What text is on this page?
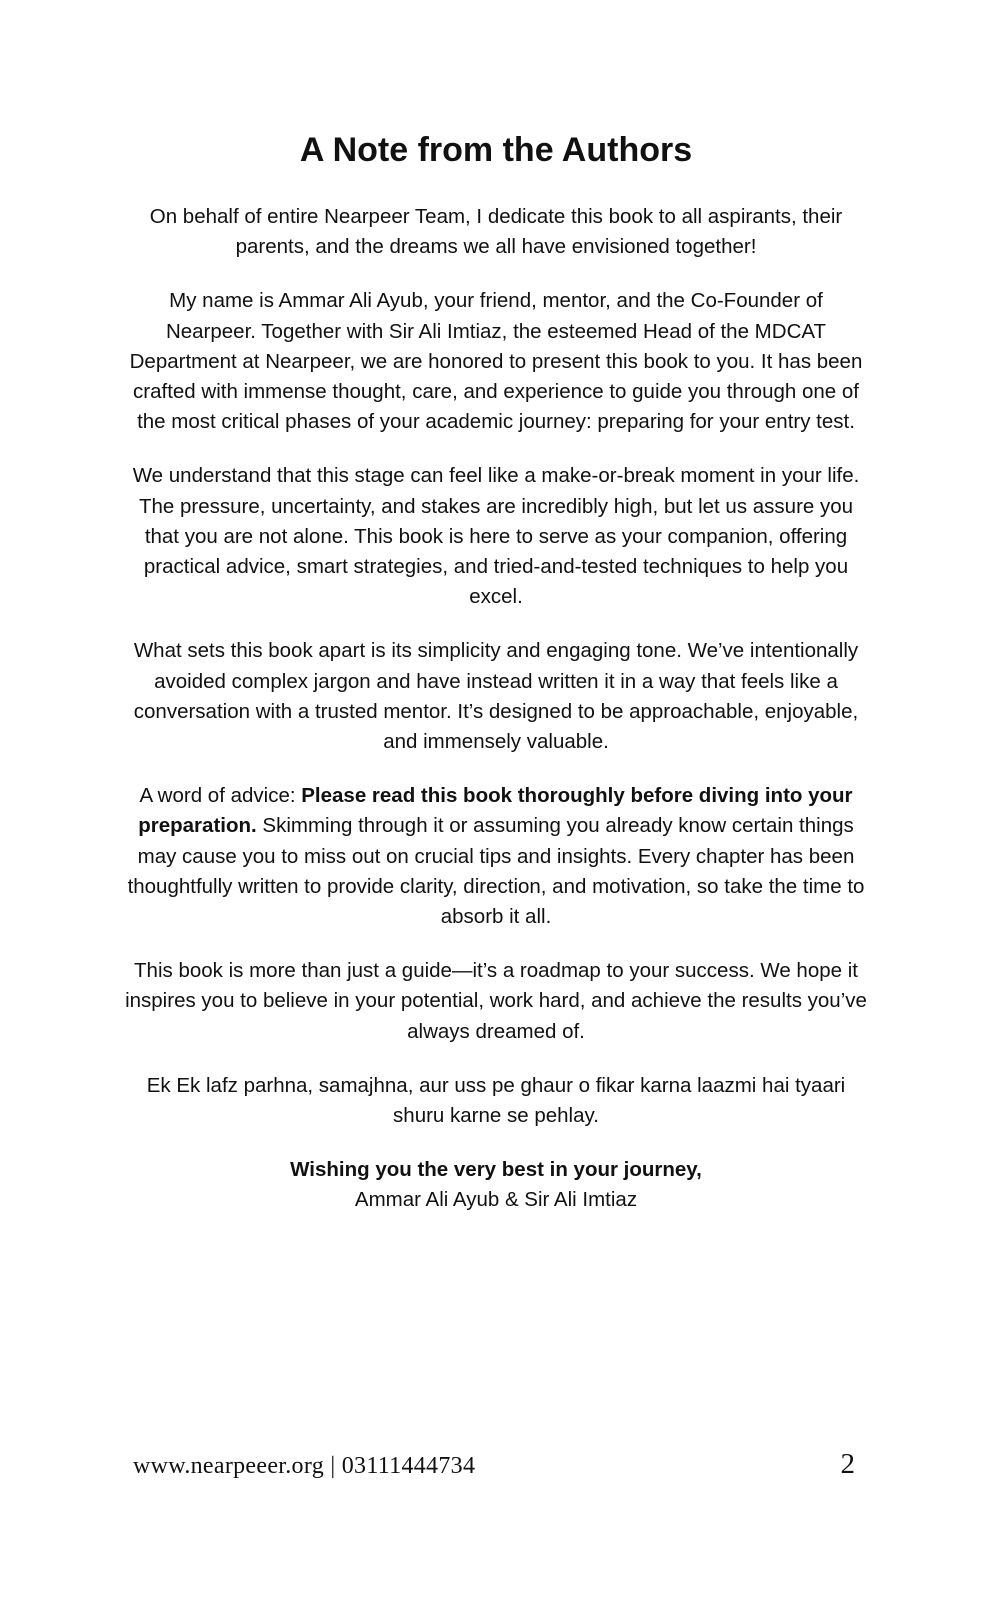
A Note from the Authors

On behalf of entire Nearpeer Team, I dedicate this book to all aspirants, their parents, and the dreams we all have envisioned together!

My name is Ammar Ali Ayub, your friend, mentor, and the Co-Founder of Nearpeer. Together with Sir Ali Imtiaz, the esteemed Head of the MDCAT Department at Nearpeer, we are honored to present this book to you. It has been crafted with immense thought, care, and experience to guide you through one of the most critical phases of your academic journey: preparing for your entry test.

We understand that this stage can feel like a make-or-break moment in your life. The pressure, uncertainty, and stakes are incredibly high, but let us assure you that you are not alone. This book is here to serve as your companion, offering practical advice, smart strategies, and tried-and-tested techniques to help you excel.

What sets this book apart is its simplicity and engaging tone. We’ve intentionally avoided complex jargon and have instead written it in a way that feels like a conversation with a trusted mentor. It’s designed to be approachable, enjoyable, and immensely valuable.

A word of advice: Please read this book thoroughly before diving into your preparation. Skimming through it or assuming you already know certain things may cause you to miss out on crucial tips and insights. Every chapter has been thoughtfully written to provide clarity, direction, and motivation, so take the time to absorb it all.

This book is more than just a guide—it’s a roadmap to your success. We hope it inspires you to believe in your potential, work hard, and achieve the results you’ve always dreamed of.

Ek Ek lafz parhna, samajhna, aur uss pe ghaur o fikar karna laazmi hai tyaari shuru karne se pehlay.

Wishing you the very best in your journey,
Ammar Ali Ayub & Sir Ali Imtiaz

www.nearpeeer.org | 03111444734	2
